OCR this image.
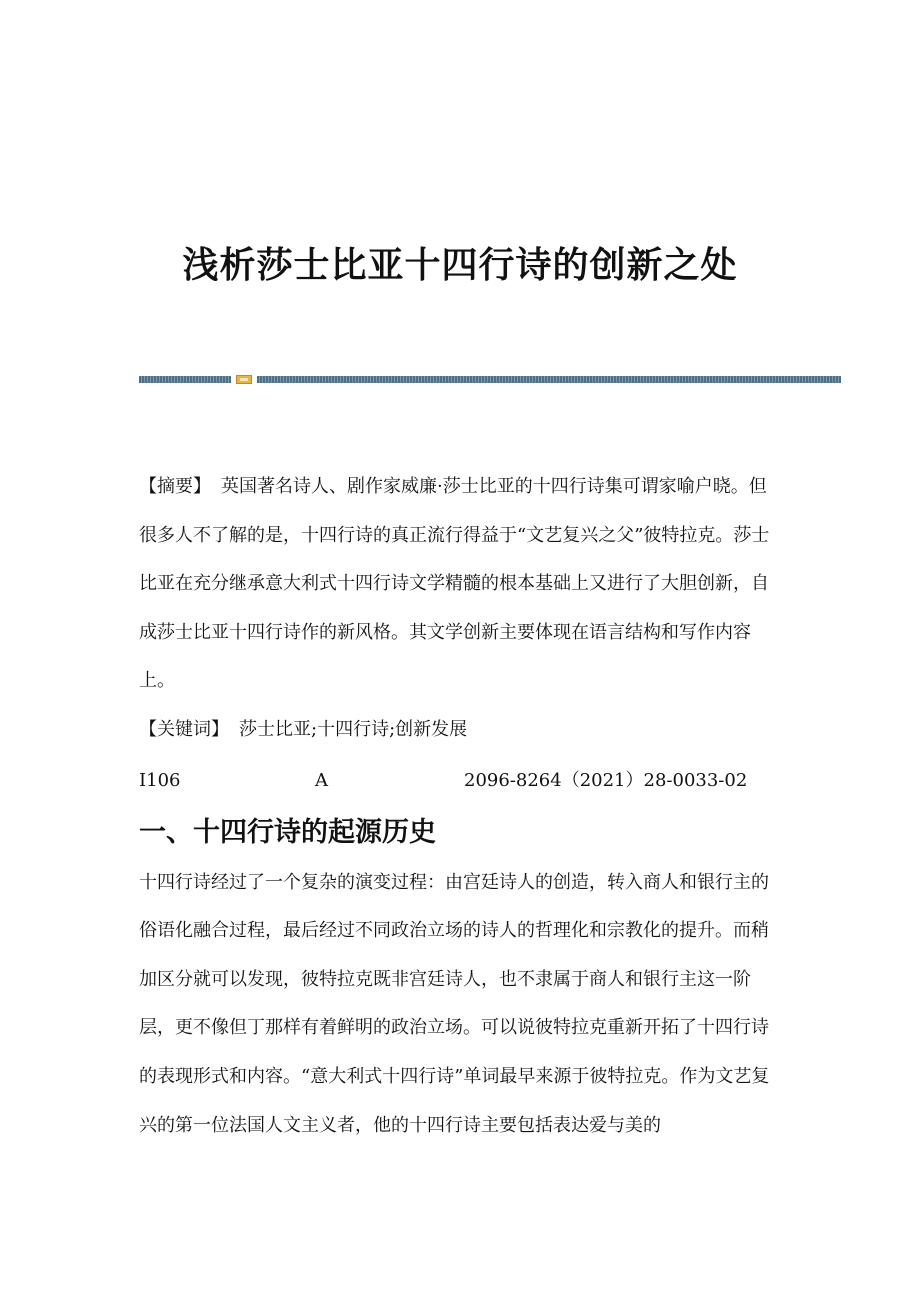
浅析莎士比亚十四行诗的创新之处

【摘要】 英国著名诗人、剧作家威廉·莎士比亚的十四行诗集可谓家喻户晓。但很多人不了解的是，十四行诗的真正流行得益于“文艺复兴之父”彼特拉克。莎士比亚在充分继承意大利式十四行诗文学精髓的根本基础上又进行了大胆创新，自成莎士比亚十四行诗作的新风格。其文学创新主要体现在语言结构和写作内容上。

【关键词】 莎士比亚;十四行诗;创新发展

I106	A	2096-8264（2021）28-0033-02
一、十四行诗的起源历史

十四行诗经过了一个复杂的演变过程：由宫廷诗人的创造，转入商人和银行主的俗语化融合过程，最后经过不同政治立场的诗人的哲理化和宗教化的提升。而稍加区分就可以发现，彼特拉克既非宫廷诗人，也不隶属于商人和银行主这一阶层，更不像但丁那样有着鲜明的政治立场。可以说彼特拉克重新开拓了十四行诗的表现形式和内容。“意大利式十四行诗”单词最早来源于彼特拉克。作为文艺复兴的第一位法国人文主义者，他的十四行诗主要包括表达爱与美的
